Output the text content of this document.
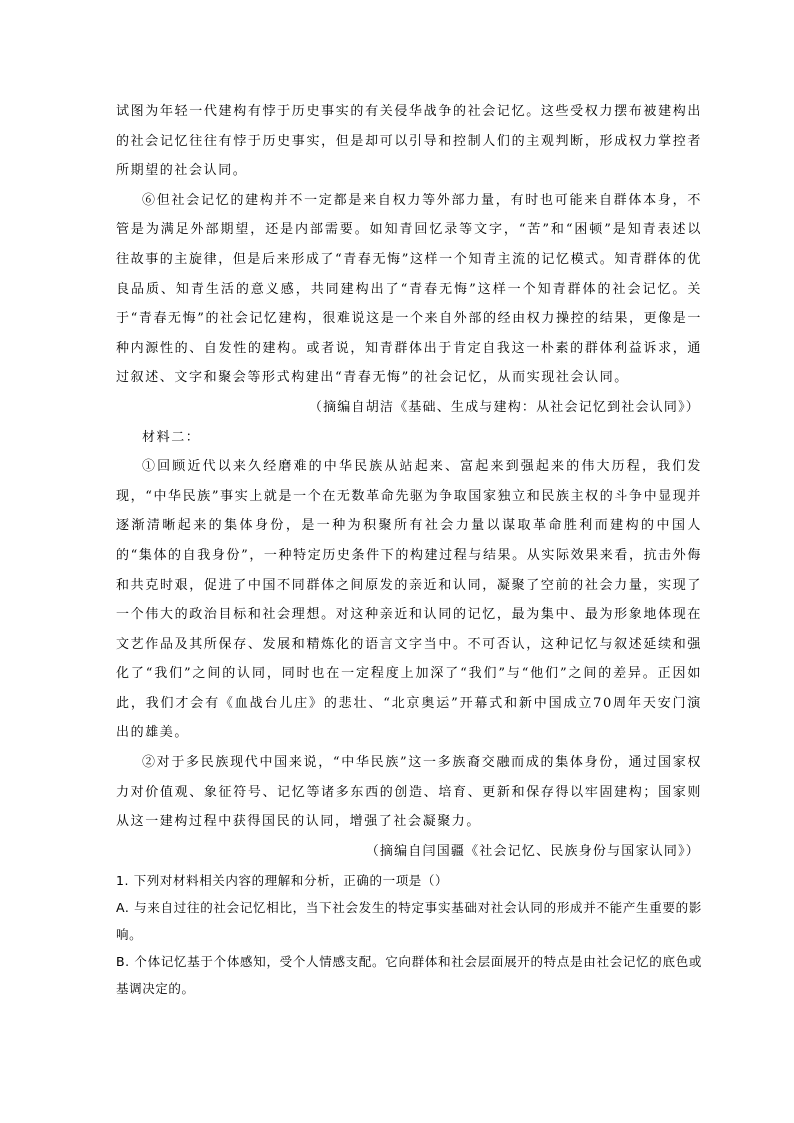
试图为年轻一代建构有悖于历史事实的有关侵华战争的社会记忆。这些受权力摆布被建构出的社会记忆往往有悖于历史事实，但是却可以引导和控制人们的主观判断，形成权力掌控者所期望的社会认同。

⑥但社会记忆的建构并不一定都是来自权力等外部力量，有时也可能来自群体本身，不管是为满足外部期望，还是内部需要。如知青回忆录等文字，“苦”和“困顿”是知青表述以往故事的主旋律，但是后来形成了“青春无悔”这样一个知青主流的记忆模式。知青群体的优良品质、知青生活的意义感，共同建构出了“青春无悔”这样一个知青群体的社会记忆。关于“青春无悔”的社会记忆建构，很难说这是一个来自外部的经由权力操控的结果，更像是一种内源性的、自发性的建构。或者说，知青群体出于肯定自我这一朴素的群体利益诉求，通过叙述、文字和聚会等形式构建出“青春无悔”的社会记忆，从而实现社会认同。

（摘编自胡洁《基础、生成与建构：从社会记忆到社会认同》）

材料二：

①回顾近代以来久经磨难的中华民族从站起来、富起来到强起来的伟大历程，我们发现，“中华民族”事实上就是一个在无数革命先驱为争取国家独立和民族主权的斗争中显现并逐渐清晰起来的集体身份，是一种为积聚所有社会力量以谋取革命胜利而建构的中国人的“集体的自我身份”，一种特定历史条件下的构建过程与结果。从实际效果来看，抗击外侮和共克时艰，促进了中国不同群体之间原发的亲近和认同，凝聚了空前的社会力量，实现了一个伟大的政治目标和社会理想。对这种亲近和认同的记忆，最为集中、最为形象地体现在文艺作品及其所保存、发展和精炼化的语言文字当中。不可否认，这种记忆与叙述延续和强化了“我们”之间的认同，同时也在一定程度上加深了“我们”与“他们”之间的差异。正因如此，我们才会有《血战台儿庄》的悲壮、“北京奥运”开幕式和新中国成立70周年天安门演出的雄美。

②对于多民族现代中国来说，“中华民族”这一多族裔交融而成的集体身份，通过国家权力对价值观、象征符号、记忆等诸多东西的创造、培育、更新和保存得以牢固建构；国家则从这一建构过程中获得国民的认同，增强了社会凝聚力。

（摘编自闫国疆《社会记忆、民族身份与国家认同》）

1. 下列对材料相关内容的理解和分析，正确的一项是（）

A. 与来自过往的社会记忆相比，当下社会发生的特定事实基础对社会认同的形成并不能产生重要的影响。

B. 个体记忆基于个体感知，受个人情感支配。它向群体和社会层面展开的特点是由社会记忆的底色或基调决定的。
